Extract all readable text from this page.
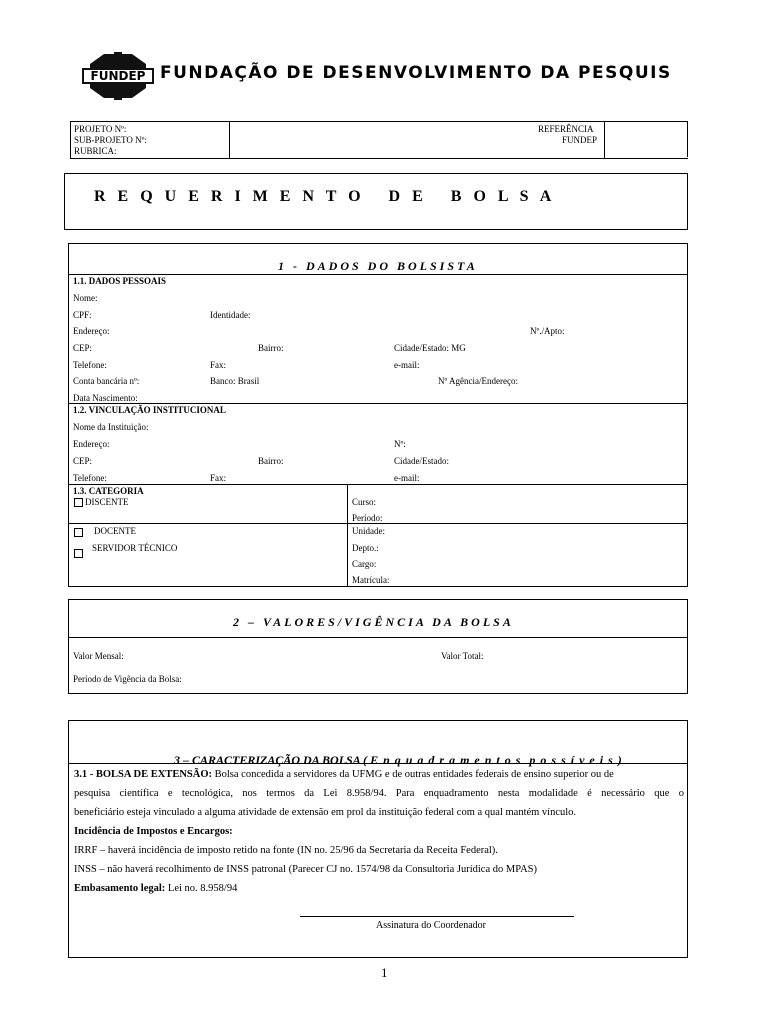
FUNDEP FUNDAÇÃO DE DESENVOLVIMENTO DA PESQUIS
PROJETO Nº:
SUB-PROJETO Nº:
RUBRICA:
REFERÊNCIA
FUNDEP
R E Q U E R I M E N T O   D E   B O L S A
1 - DADOS DO BOLSISTA
1.1. DADOS PESSOAIS
Nome:
CPF:	Identidade:
Endereço:	Nº./Apto:
CEP:	Bairro:	Cidade/Estado: MG
Telefone:	Fax:	e-mail:
Conta bancária nº:	Banco: Brasil	Nº Agência/Endereço:
Data Nascimento:
1.2. VINCULAÇÃO INSTITUCIONAL
Nome da Instituição:
Endereço:	Nº:
CEP:	Bairro:	Cidade/Estado:
Telefone:	Fax:	e-mail:
1.3. CATEGORIA
DISCENTE	Curso:
Período:
DOCENTE	Unidade:
SERVIDOR TÉCNICO	Depto.:
Cargo:
Matrícula:
2 – VALORES/VIGÊNCIA DA BOLSA
Valor Mensal:	Valor Total:
Período de Vigência da Bolsa:

3 – CARACTERIZAÇÃO DA BOLSA ( E n q u a d r a m e n t o s  p o s s í v e i s )

3.1 - BOLSA DE EXTENSÃO: Bolsa concedida a servidores da UFMG e de outras entidades federais de ensino superior ou de
pesquisa científica e tecnológica, nos termos da Lei 8.958/94. Para enquadramento nesta modalidade é necessário que o
beneficiário esteja vinculado a alguma atividade de extensão em prol da instituição federal com a qual mantém vínculo.
Incidência de Impostos e Encargos:
IRRF – haverá incidência de imposto retido na fonte (IN no. 25/96 da Secretaria da Receita Federal).
INSS – não haverá recolhimento de INSS patronal (Parecer CJ no. 1574/98 da Consultoria Jurídica do MPAS)
Embasamento legal: Lei no. 8.958/94
Assinatura do Coordenador
1
